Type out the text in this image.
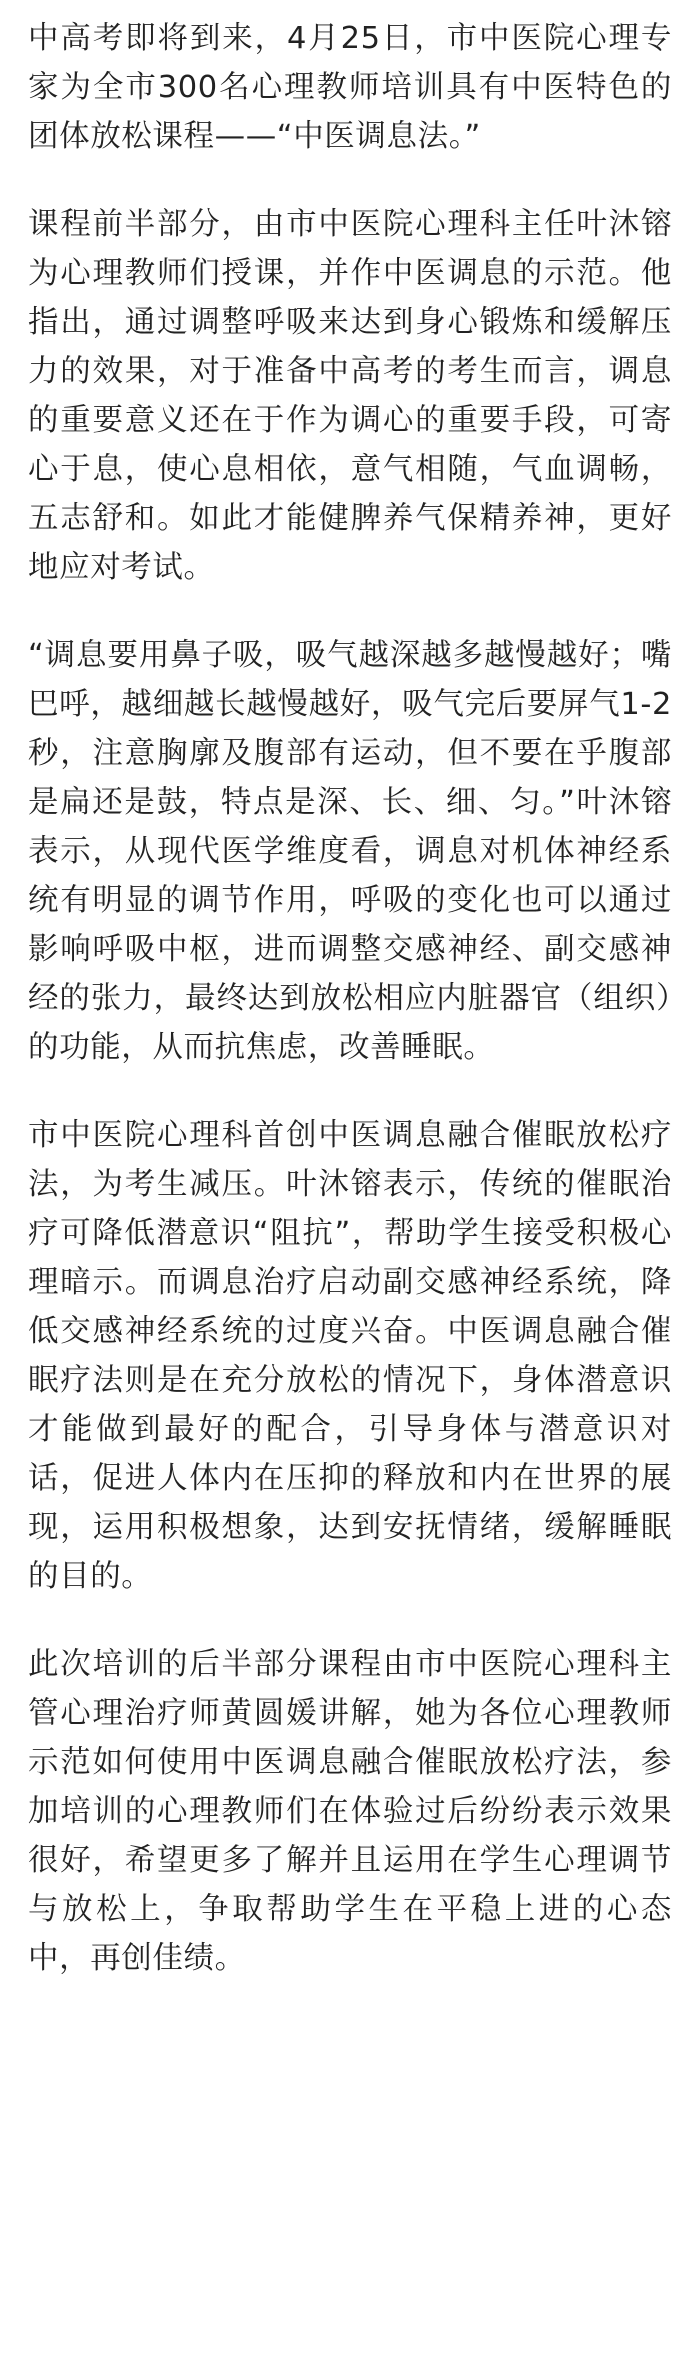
中高考即将到来，4月25日，市中医院心理专家为全市300名心理教师培训具有中医特色的团体放松课程——“中医调息法。”

课程前半部分，由市中医院心理科主任叶沐镕为心理教师们授课，并作中医调息的示范。他指出，通过调整呼吸来达到身心锻炼和缓解压力的效果，对于准备中高考的考生而言，调息的重要意义还在于作为调心的重要手段，可寄心于息，使心息相依，意气相随，气血调畅，五志舒和。如此才能健脾养气保精养神，更好地应对考试。

“调息要用鼻子吸，吸气越深越多越慢越好；嘴巴呼，越细越长越慢越好，吸气完后要屏气1-2秒，注意胸廓及腹部有运动，但不要在乎腹部是扁还是鼓，特点是深、长、细、匀。”叶沐镕表示，从现代医学维度看，调息对机体神经系统有明显的调节作用，呼吸的变化也可以通过影响呼吸中枢，进而调整交感神经、副交感神经的张力，最终达到放松相应内脏器官（组织）的功能，从而抗焦虑，改善睡眠。

市中医院心理科首创中医调息融合催眠放松疗法，为考生减压。叶沐镕表示，传统的催眠治疗可降低潜意识“阻抗”，帮助学生接受积极心理暗示。而调息治疗启动副交感神经系统，降低交感神经系统的过度兴奋。中医调息融合催眠疗法则是在充分放松的情况下，身体潜意识才能做到最好的配合，引导身体与潜意识对话，促进人体内在压抑的释放和内在世界的展现，运用积极想象，达到安抚情绪，缓解睡眠的目的。

此次培训的后半部分课程由市中医院心理科主管心理治疗师黄圆媛讲解，她为各位心理教师示范如何使用中医调息融合催眠放松疗法，参加培训的心理教师们在体验过后纷纷表示效果很好，希望更多了解并且运用在学生心理调节与放松上，争取帮助学生在平稳上进的心态中，再创佳绩。
